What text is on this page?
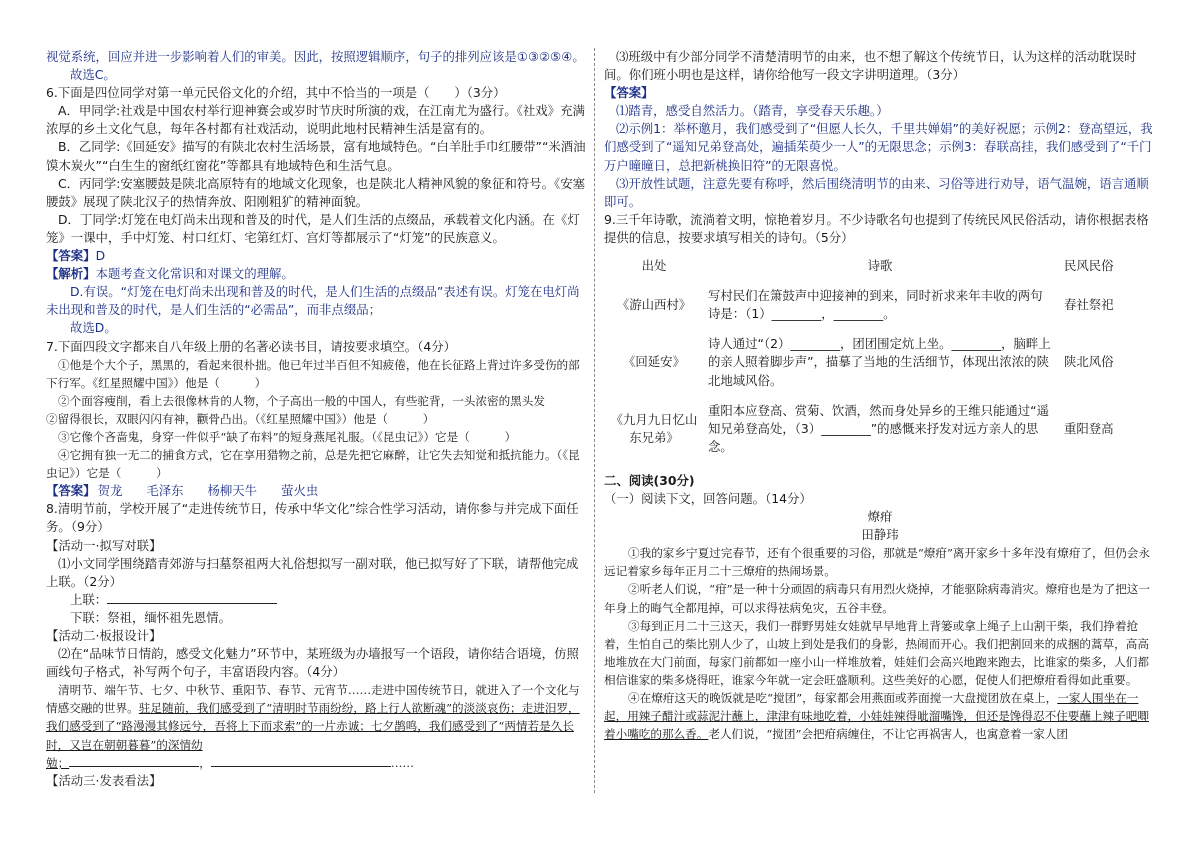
视觉系统，回应并进一步影响着人们的审美。因此，按照逻辑顺序，句子的排列应该是①③②⑤④。

故选C。

6.下面是四位同学对第一单元民俗文化的介绍，其中不恰当的一项是（　　）（3分）

A．甲同学:社戏是中国农村举行迎神赛会或岁时节庆时所演的戏，在江南尤为盛行。《社戏》充满浓厚的乡土文化气息，每年各村都有社戏活动，说明此地村民精神生活是富有的。

B．乙同学:《回延安》描写的有陕北农村生活场景，富有地域特色。“白羊肚手巾红腰带”“米酒油馍木炭火”“白生生的窗纸红窗花”等都具有地域特色和生活气息。

C．丙同学:安塞腰鼓是陕北高原特有的地域文化现象，也是陕北人精神风貌的象征和符号。《安塞腰鼓》展现了陕北汉子的热情奔放、阳刚粗犷的精神面貌。

D．丁同学:灯笼在电灯尚未出现和普及的时代，是人们生活的点缀品，承载着文化内涵。在《灯笼》一课中，手中灯笼、村口红灯、宅第红灯、宫灯等都展示了“灯笼”的民族意义。

【答案】D

【解析】本题考查文化常识和对课文的理解。

D.有误。“灯笼在电灯尚未出现和普及的时代，是人们生活的点缀品”表述有误。灯笼在电灯尚未出现和普及的时代，是人们生活的“必需品”，而非点缀品；

故选D。

7.下面四段文字都来自八年级上册的名著必读书目，请按要求填空。（4分）

①他是个大个子，黑黑的，看起来很朴拙。他已年过半百但不知疲倦，他在长征路上背过许多受伤的部下行军。《红星照耀中国》）他是（　　　）

②个面容瘦削，看上去很像林肯的人物，个子高出一般的中国人，有些驼背，一头浓密的黑头发

②留得很长，双眼闪闪有神，颧骨凸出。（《红星照耀中国》）他是（　　　）

③它像个吝啬鬼，身穿一件似乎“缺了布料”的短身燕尾礼服。（《昆虫记》）它是（　　　）

④它拥有独一无二的捕食方式，它在享用猎物之前，总是先把它麻醉，让它失去知觉和抵抗能力。（《昆虫记》）它是（　　　）

【答案】 贺龙 毛泽东 杨柳天牛 萤火虫

8.清明节前，学校开展了“走进传统节日，传承中华文化”综合性学习活动，请你参与并完成下面任务。（9分）

【活动一·拟写对联】

⑴小文同学围绕踏青郊游与扫墓祭祖两大礼俗想拟写一副对联，他已拟写好了下联，请帮他完成上联。（2分）

上联：

下联：祭祖，缅怀祖先恩情。

【活动二·板报设计】

⑵在“品味节日情韵，感受文化魅力”环节中，某班级为办墙报写一个语段，请你结合语境，仿照画线句子格式，补写两个句子，丰富语段内容。（4分）

清明节、端午节、七夕、中秋节、重阳节、春节、元宵节……走进中国传统节日，就进入了一个文化与情感交融的世界。驻足随前，我们感受到了“清明时节雨纷纷，路上行人欲断魂”的淡淡哀伤；走进汨罗，我们感受到了“路漫漫其修远兮，吾将上下而求索”的一片赤诚；七夕鹊鸣，我们感受到了“两情若是久长时，又岂在朝朝暮暮”的深情幼
勉；	，	……

【活动三·发表看法】

⑶班级中有少部分同学不清楚清明节的由来，也不想了解这个传统节日，认为这样的活动耽误时间。你们班小明也是这样，请你给他写一段文字讲明道理。（3分）

【答案】

⑴踏青，感受自然活力。（踏青，享受春天乐趣。）

⑵示例1：举杯邀月，我们感受到了“但愿人长久，千里共婵娟”的美好祝愿；示例2：登高望远，我们感受到了“遥知兄弟登高处，遍插茱萸少一人”的无限思念；示例3：春联高挂，我们感受到了“千门万户曈曈日，总把新桃换旧符”的无限喜悦。

⑶开放性试题，注意先要有称呼，然后围绕清明节的由来、习俗等进行劝导，语气温婉，语言通顺即可。

9.三千年诗歌，流淌着文明，惊艳着岁月。不少诗歌名句也提到了传统民风民俗活动，请你根据表格提供的信息，按要求填写相关的诗句。（5分）

出处	诗歌	民风民俗
《游山西村》	写村民们在箫鼓声中迎接神的到来，同时祈求来年丰收的两句诗是：（1）________，________。	春社祭祀
《回延安》	诗人通过“（2）________，团团围定炕上坐。________，脑畔上的亲人照着脚步声”，描摹了当地的生活细节，体现出浓浓的陕北地域风俗。	陕北风俗
《九月九日忆山东兄弟》	重阳本应登高、赏菊、饮酒，然而身处异乡的王维只能通过“遥知兄弟登高处，（3）________”的感慨来抒发对远方亲人的思念。	重阳登高

二、阅读(30分)

（一）阅读下文，回答问题。（14分）

燎疳

田静玮

①我的家乡宁夏过完春节，还有个很重要的习俗，那就是“燎疳”离开家乡十多年没有燎疳了，但仍会永远记着家乡每年正月二十三燎疳的热闹场景。

②听老人们说，“疳”是一种十分顽固的病毒只有用烈火烧掉，才能驱除病毒消灾。燎疳也是为了把这一年身上的晦气全都甩掉，可以求得祛病免灾，五谷丰登。

③每到正月二十三这天，我们一群野男娃女娃就早早地背上背篓或拿上绳子上山割干柴，我们挣着抢着，生怕自己的柴比别人少了，山坡上到处是我们的身影，热闹而开心。我们把割回来的成捆的蒿草，高高地堆放在大门前面，每家门前都如一座小山一样堆放着，娃娃们会高兴地跑来跑去，比谁家的柴多，人们都相信谁家的柴多烧得旺，谁家今年就一定会旺盛顺利。这些美好的心愿，促使人们把燎疳看得如此重要。

④在燎疳这天的晚饭就是吃“搅团”，每家都会用燕面或荞面搅一大盘搅团放在桌上，一家人围坐在一起，用辣子醋汁或蒜泥汁蘸上，津津有味地吃着，小娃娃辣得呲溜嘴馋，但还是馋得忍不住要蘸上辣子吧唧着小嘴吃的那么香。老人们说，“搅团”会把疳病缠住，不让它再祸害人，也寓意着一家人团
